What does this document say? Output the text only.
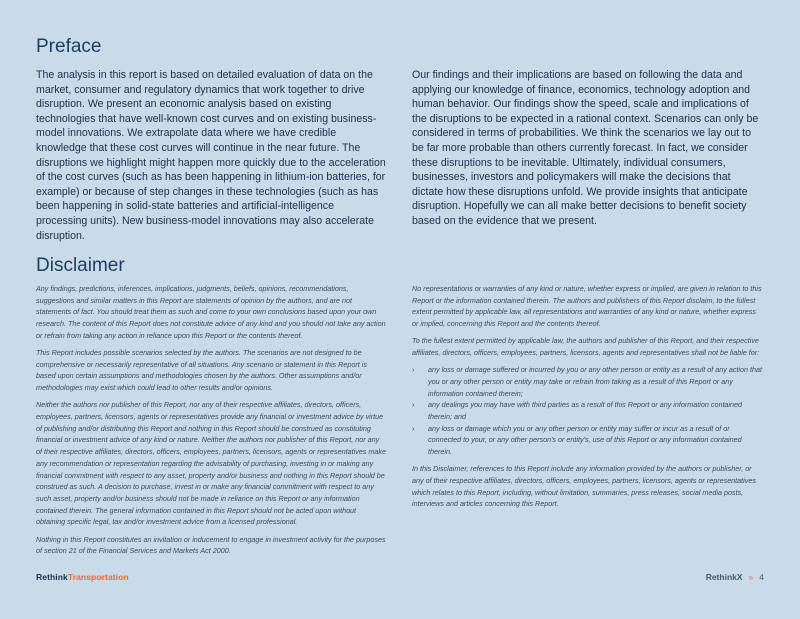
Preface
The analysis in this report is based on detailed evaluation of data on the market, consumer and regulatory dynamics that work together to drive disruption. We present an economic analysis based on existing technologies that have well-known cost curves and on existing business-model innovations. We extrapolate data where we have credible knowledge that these cost curves will continue in the near future. The disruptions we highlight might happen more quickly due to the acceleration of the cost curves (such as has been happening in lithium-ion batteries, for example) or because of step changes in these technologies (such as has been happening in solid-state batteries and artificial-intelligence processing units). New business-model innovations may also accelerate disruption.
Our findings and their implications are based on following the data and applying our knowledge of finance, economics, technology adoption and human behavior. Our findings show the speed, scale and implications of the disruptions to be expected in a rational context. Scenarios can only be considered in terms of probabilities. We think the scenarios we lay out to be far more probable than others currently forecast. In fact, we consider these disruptions to be inevitable. Ultimately, individual consumers, businesses, investors and policymakers will make the decisions that dictate how these disruptions unfold. We provide insights that anticipate disruption. Hopefully we can all make better decisions to benefit society based on the evidence that we present.
Disclaimer

Any findings, predictions, inferences, implications, judgments, beliefs, opinions, recommendations, suggestions and similar matters in this Report are statements of opinion by the authors, and are not statements of fact. You should treat them as such and come to your own conclusions based upon your own research. The content of this Report does not constitute advice of any kind and you should not take any action or refrain from taking any action in reliance upon this Report or the contents thereof.

This Report includes possible scenarios selected by the authors. The scenarios are not designed to be comprehensive or necessarily representative of all situations. Any scenario or statement in this Report is based upon certain assumptions and methodologies chosen by the authors. Other assumptions and/or methodologies may exist which could lead to other results and/or opinions.

Neither the authors nor publisher of this Report, nor any of their respective affiliates, directors, officers, employees, partners, licensors, agents or representatives provide any financial or investment advice by virtue of publishing and/or distributing this Report and nothing in this Report should be construed as constituting financial or investment advice of any kind or nature. Neither the authors nor publisher of this Report, nor any of their respective affiliates, directors, officers, employees, partners, licensors, agents or representatives make any recommendation or representation regarding the advisability of purchasing, investing in or making any financial commitment with respect to any asset, property and/or business and nothing in this Report should be construed as such. A decision to purchase, invest in or make any financial commitment with respect to any such asset, property and/or business should not be made in reliance on this Report or any information contained therein. The general information contained in this Report should not be acted upon without obtaining specific legal, tax and/or investment advice from a licensed professional.

Nothing in this Report constitutes an invitation or inducement to engage in investment activity for the purposes of section 21 of the Financial Services and Markets Act 2000.

No representations or warranties of any kind or nature, whether express or implied, are given in relation to this Report or the information contained therein. The authors and publishers of this Report disclaim, to the fullest extent permitted by applicable law, all representations and warranties of any kind or nature, whether express or implied, concerning this Report and the contents thereof.

To the fullest extent permitted by applicable law, the authors and publisher of this Report, and their respective affiliates, directors, officers, employees, partners, licensors, agents and representatives shall not be liable for:

› any loss or damage suffered or incurred by you or any other person or entity as a result of any action that you or any other person or entity may take or refrain from taking as a result of this Report or any information contained therein;
› any dealings you may have with third parties as a result of this Report or any information contained therein; and
› any loss or damage which you or any other person or entity may suffer or incur as a result of or connected to your, or any other person's or entity's, use of this Report or any information contained therein.

In this Disclaimer, references to this Report include any information provided by the authors or publisher, or any of their respective affiliates, directors, officers, employees, partners, licensors, agents or representatives which relates to this Report, including, without limitation, summaries, press releases, social media posts, interviews and articles concerning this Report.

RethinkTransportation	RethinkX » 4
